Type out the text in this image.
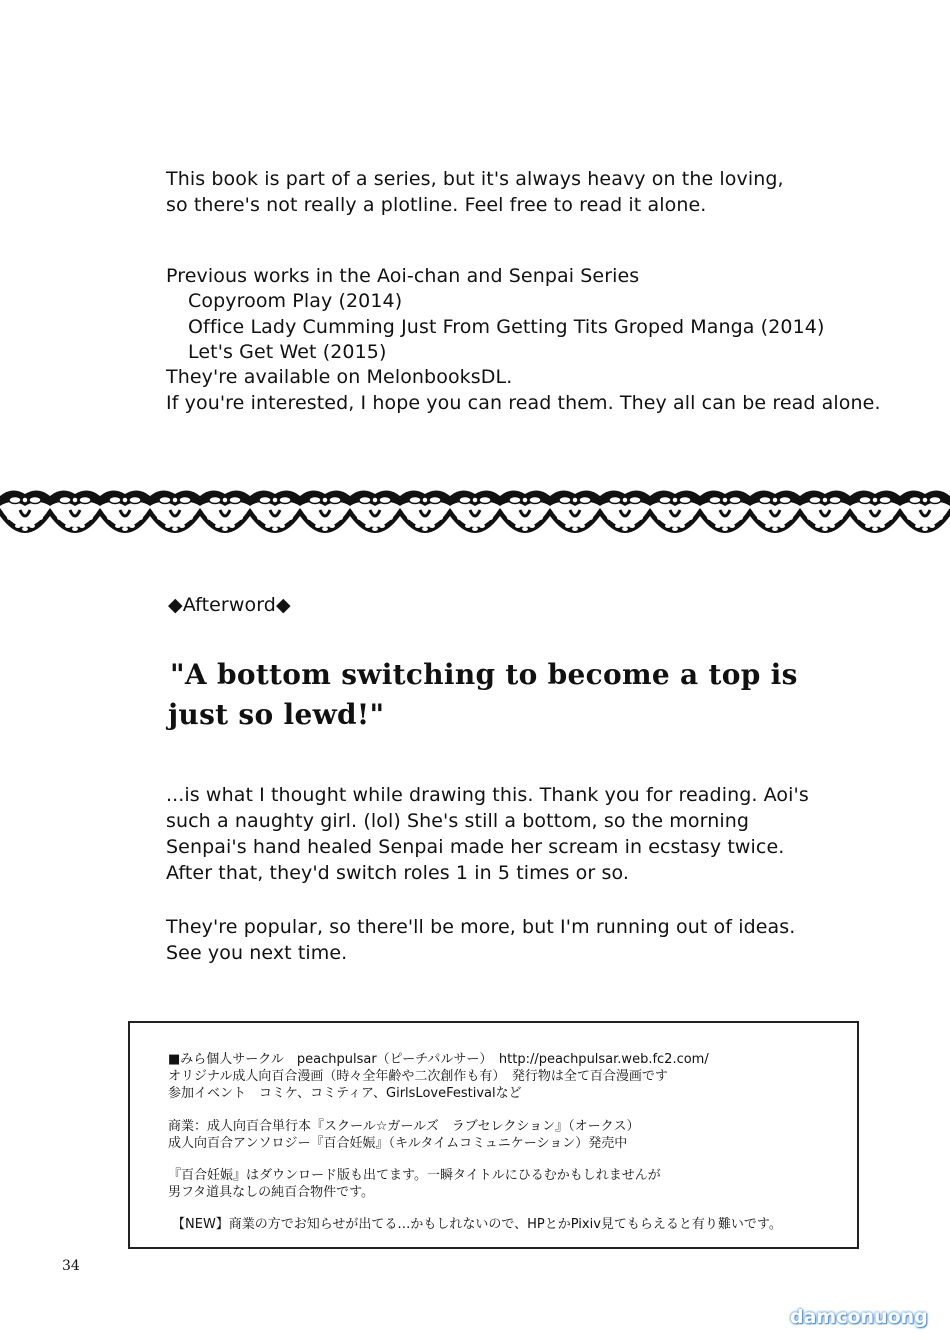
This book is part of a series, but it's always heavy on the loving,
so there's not really a plotline. Feel free to read it alone.
Previous works in the Aoi-chan and Senpai Series
Copyroom Play (2014)
Office Lady Cumming Just From Getting Tits Groped Manga (2014)
Let's Get Wet (2015)
They're available on MelonbooksDL.
If you're interested, I hope you can read them. They all can be read alone.
◆Afterword◆
"A bottom switching to become a top is
just so lewd!"
...is what I thought while drawing this. Thank you for reading. Aoi's
such a naughty girl. (lol) She's still a bottom, so the morning
Senpai's hand healed Senpai made her scream in ecstasy twice.
After that, they'd switch roles 1 in 5 times or so.
They're popular, so there'll be more, but I'm running out of ideas.
See you next time.
■みら個人サークル　peachpulsar（ピーチパルサー）　http://peachpulsar.web.fc2.com/
オリジナル成人向百合漫画（時々全年齢や二次創作も有）　発行物は全て百合漫画です
参加イベント　コミケ、コミティア、GirlsLoveFestivalなど
商業：成人向百合単行本『スクール☆ガールズ　ラブセレクション』（オークス）
成人向百合アンソロジー『百合妊娠』（キルタイムコミュニケーション）発売中
『百合妊娠』はダウンロード版も出てます。一瞬タイトルにひるむかもしれませんが
男フタ道具なしの純百合物件です。
【NEW】商業の方でお知らせが出てる…かもしれないので、HPとかPixiv見てもらえると有り難いです。
34
damconuong
